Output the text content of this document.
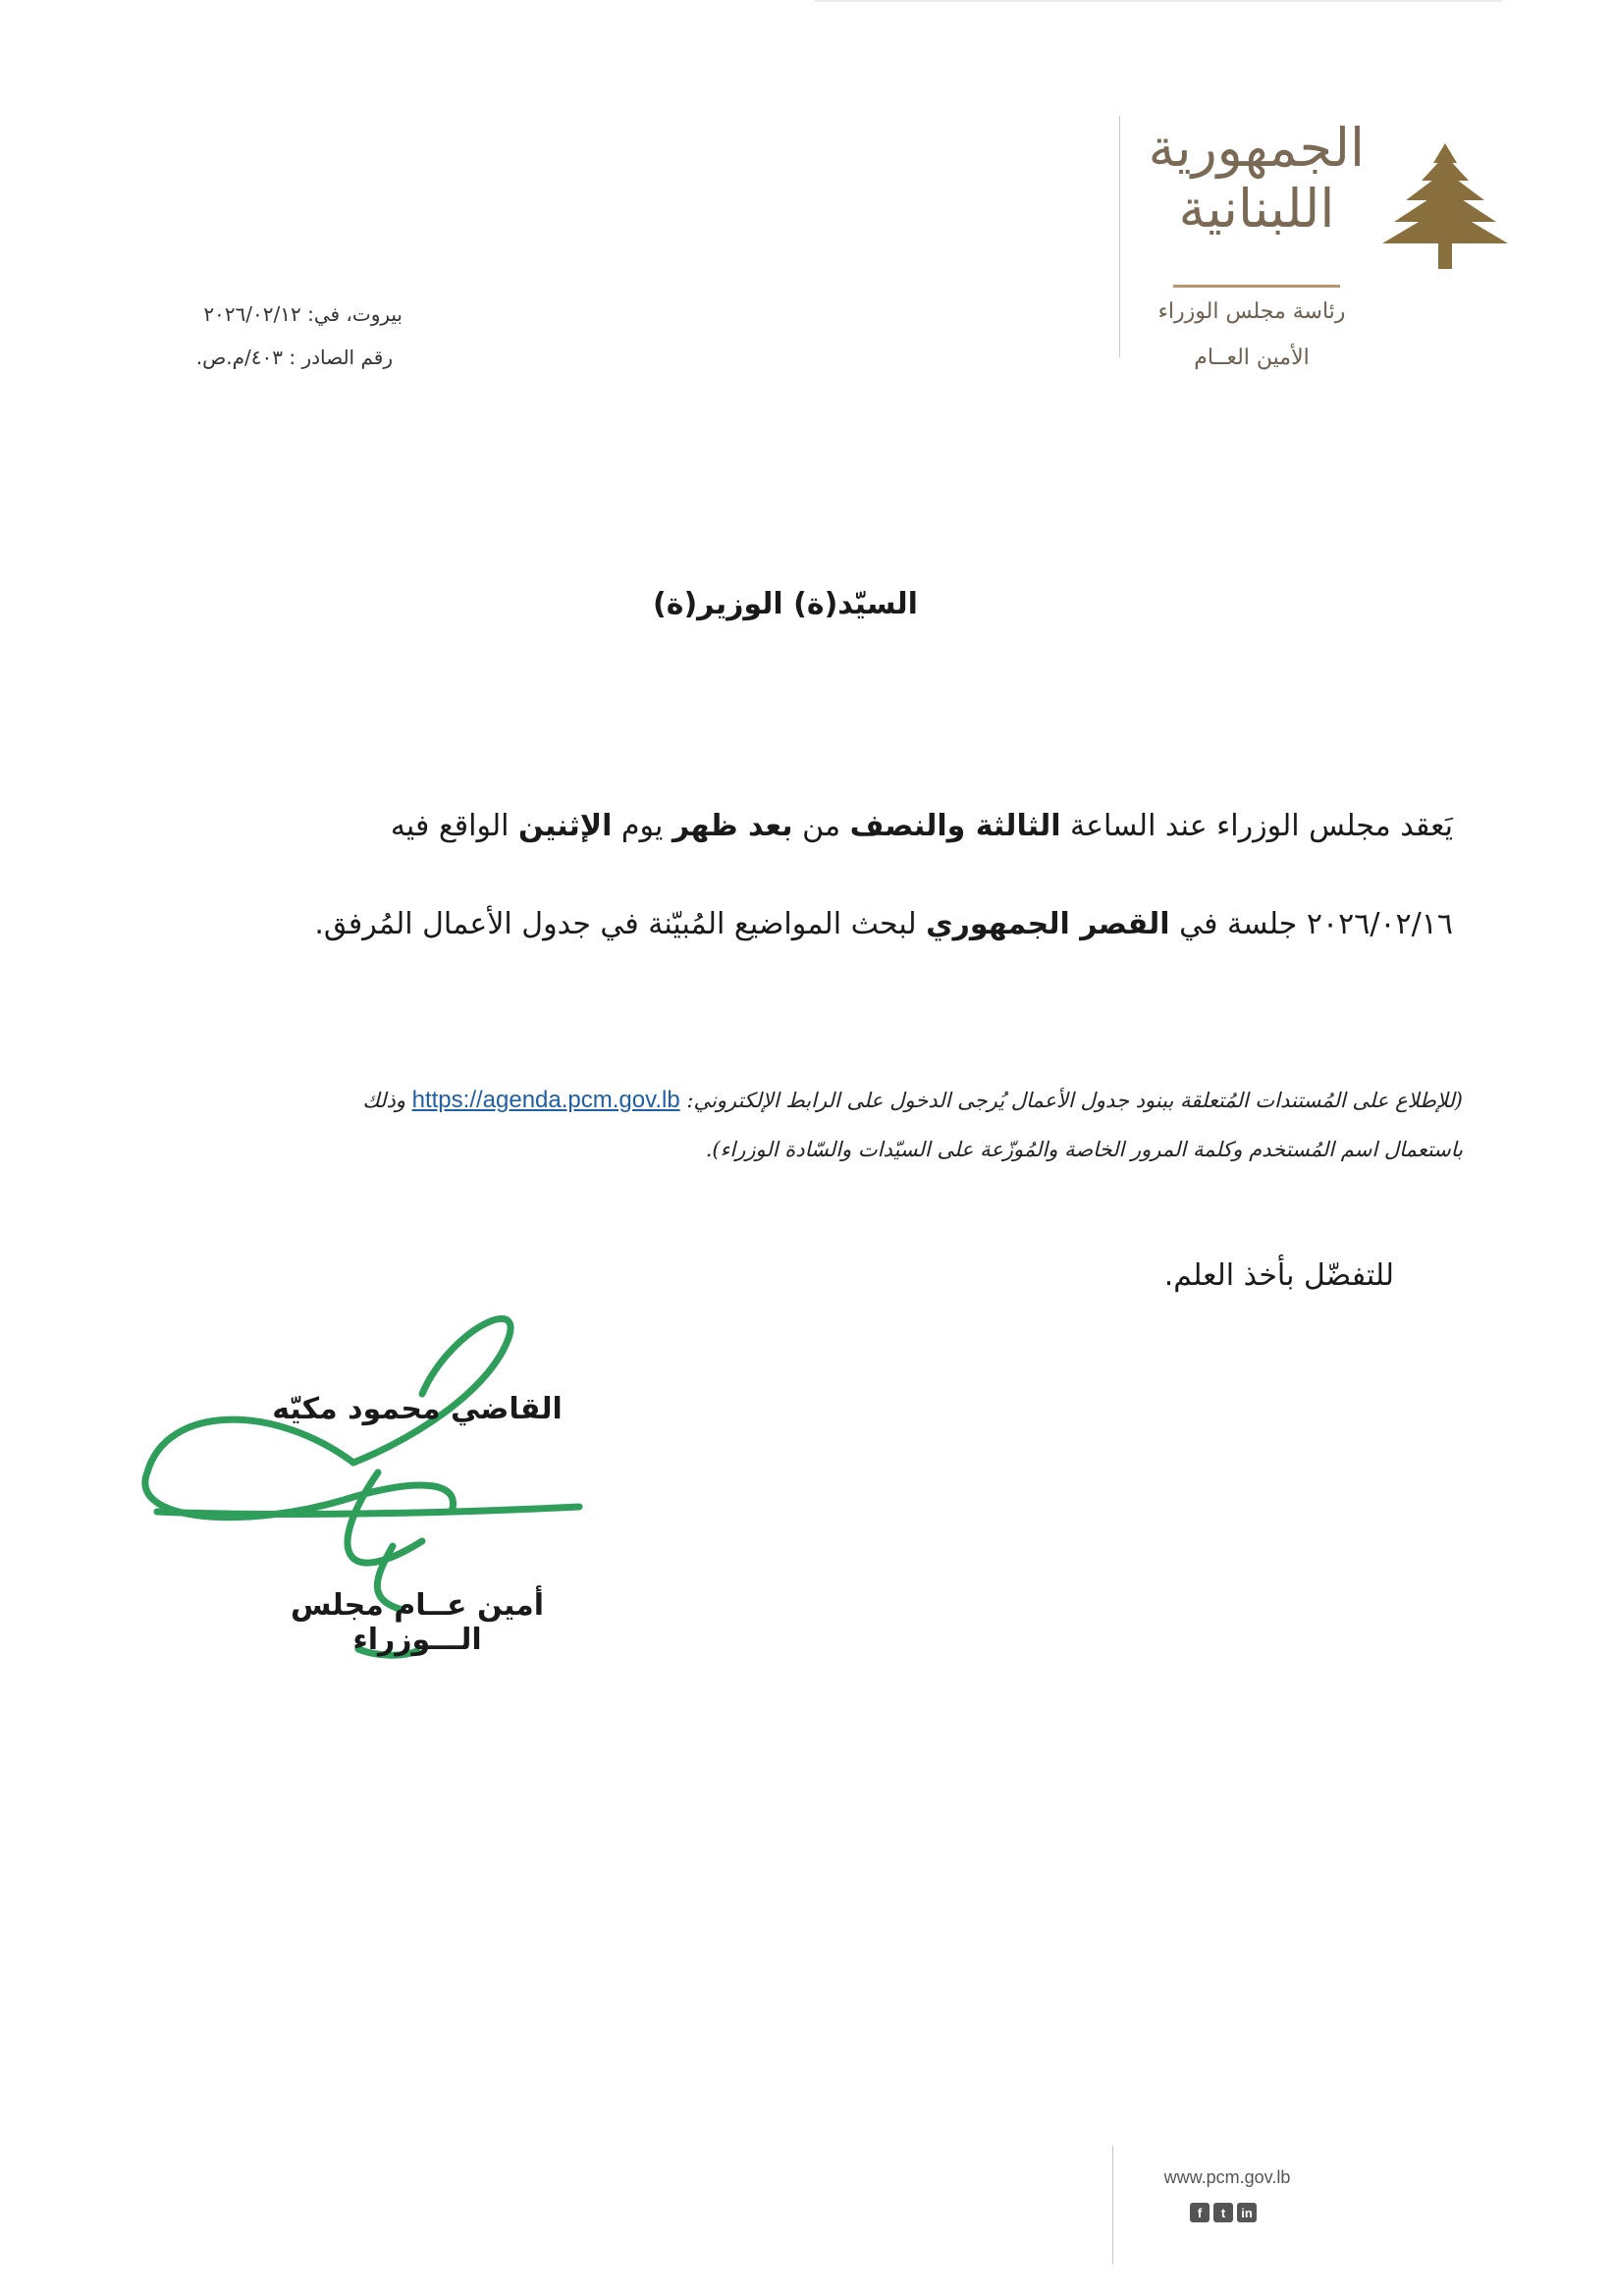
الجمهورية
اللبنانية
رئاسة مجلس الوزراء
الأمين العــام
بيروت، في: ٢٠٢٦/٠٢/١٢
رقم الصادر : ٤٠٣/م.ص.
السيّد(ة) الوزير(ة)
يَعقد مجلس الوزراء عند الساعة الثالثة والنصف من بعد ظهر يوم الإثنين الواقع فيه
٢٠٢٦/٠٢/١٦ جلسة في القصر الجمهوري لبحث المواضيع المُبيّنة في جدول الأعمال المُرفق.
(للإطلاع على المُستندات المُتعلقة ببنود جدول الأعمال يُرجى الدخول على الرابط الإلكتروني: https://agenda.pcm.gov.lb وذلك
باستعمال اسم المُستخدم وكلمة المرور الخاصة والمُوزّعة على السيّدات والسّادة الوزراء).
للتفضّل بأخذ العلم.
القاضي محمود مكيّه
أمين عــام مجلس الـــوزراء
www.pcm.gov.lb
f	t	in
